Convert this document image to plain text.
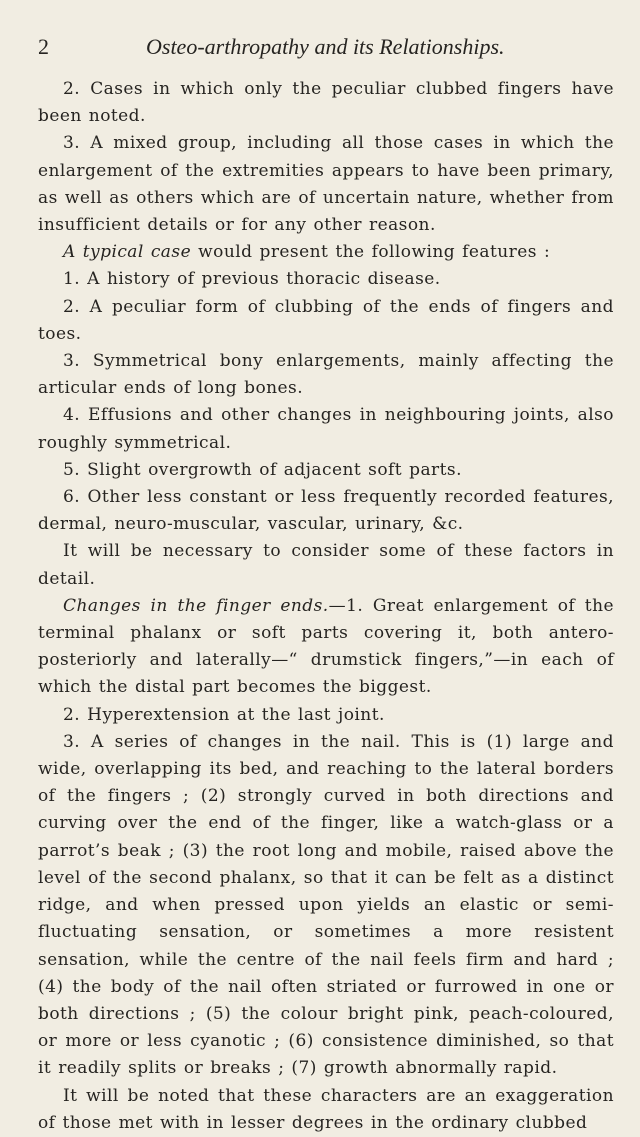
2	Osteo-arthropathy and its Relationships.

2. Cases in which only the peculiar clubbed fingers have been noted.

3. A mixed group, including all those cases in which the enlargement of the extremities appears to have been primary, as well as others which are of uncertain nature, whether from insufficient details or for any other reason.

A typical case would present the following features :

1. A history of previous thoracic disease.

2. A peculiar form of clubbing of the ends of fingers and toes.

3. Symmetrical bony enlargements, mainly affecting the articular ends of long bones.

4. Effusions and other changes in neighbouring joints, also roughly symmetrical.

5. Slight overgrowth of adjacent soft parts.

6. Other less constant or less frequently recorded features, dermal, neuro-muscular, vascular, urinary, &c.

It will be necessary to consider some of these factors in detail.

Changes in the finger ends.—1. Great enlargement of the terminal phalanx or soft parts covering it, both antero-posteriorly and laterally—“ drumstick fingers,”—in each of which the distal part becomes the biggest.

2. Hyperextension at the last joint.

3. A series of changes in the nail. This is (1) large and wide, overlapping its bed, and reaching to the lateral borders of the fingers ; (2) strongly curved in both directions and curving over the end of the finger, like a watch-glass or a parrot’s beak ; (3) the root long and mobile, raised above the level of the second phalanx, so that it can be felt as a distinct ridge, and when pressed upon yields an elastic or semi-fluctuating sensation, or sometimes a more resistent sensation, while the centre of the nail feels firm and hard ; (4) the body of the nail often striated or furrowed in one or both directions ; (5) the colour bright pink, peach-coloured, or more or less cyanotic ; (6) consistence diminished, so that it readily splits or breaks ; (7) growth abnormally rapid.

It will be noted that these characters are an exaggeration of those met with in lesser degrees in the ordinary clubbed
